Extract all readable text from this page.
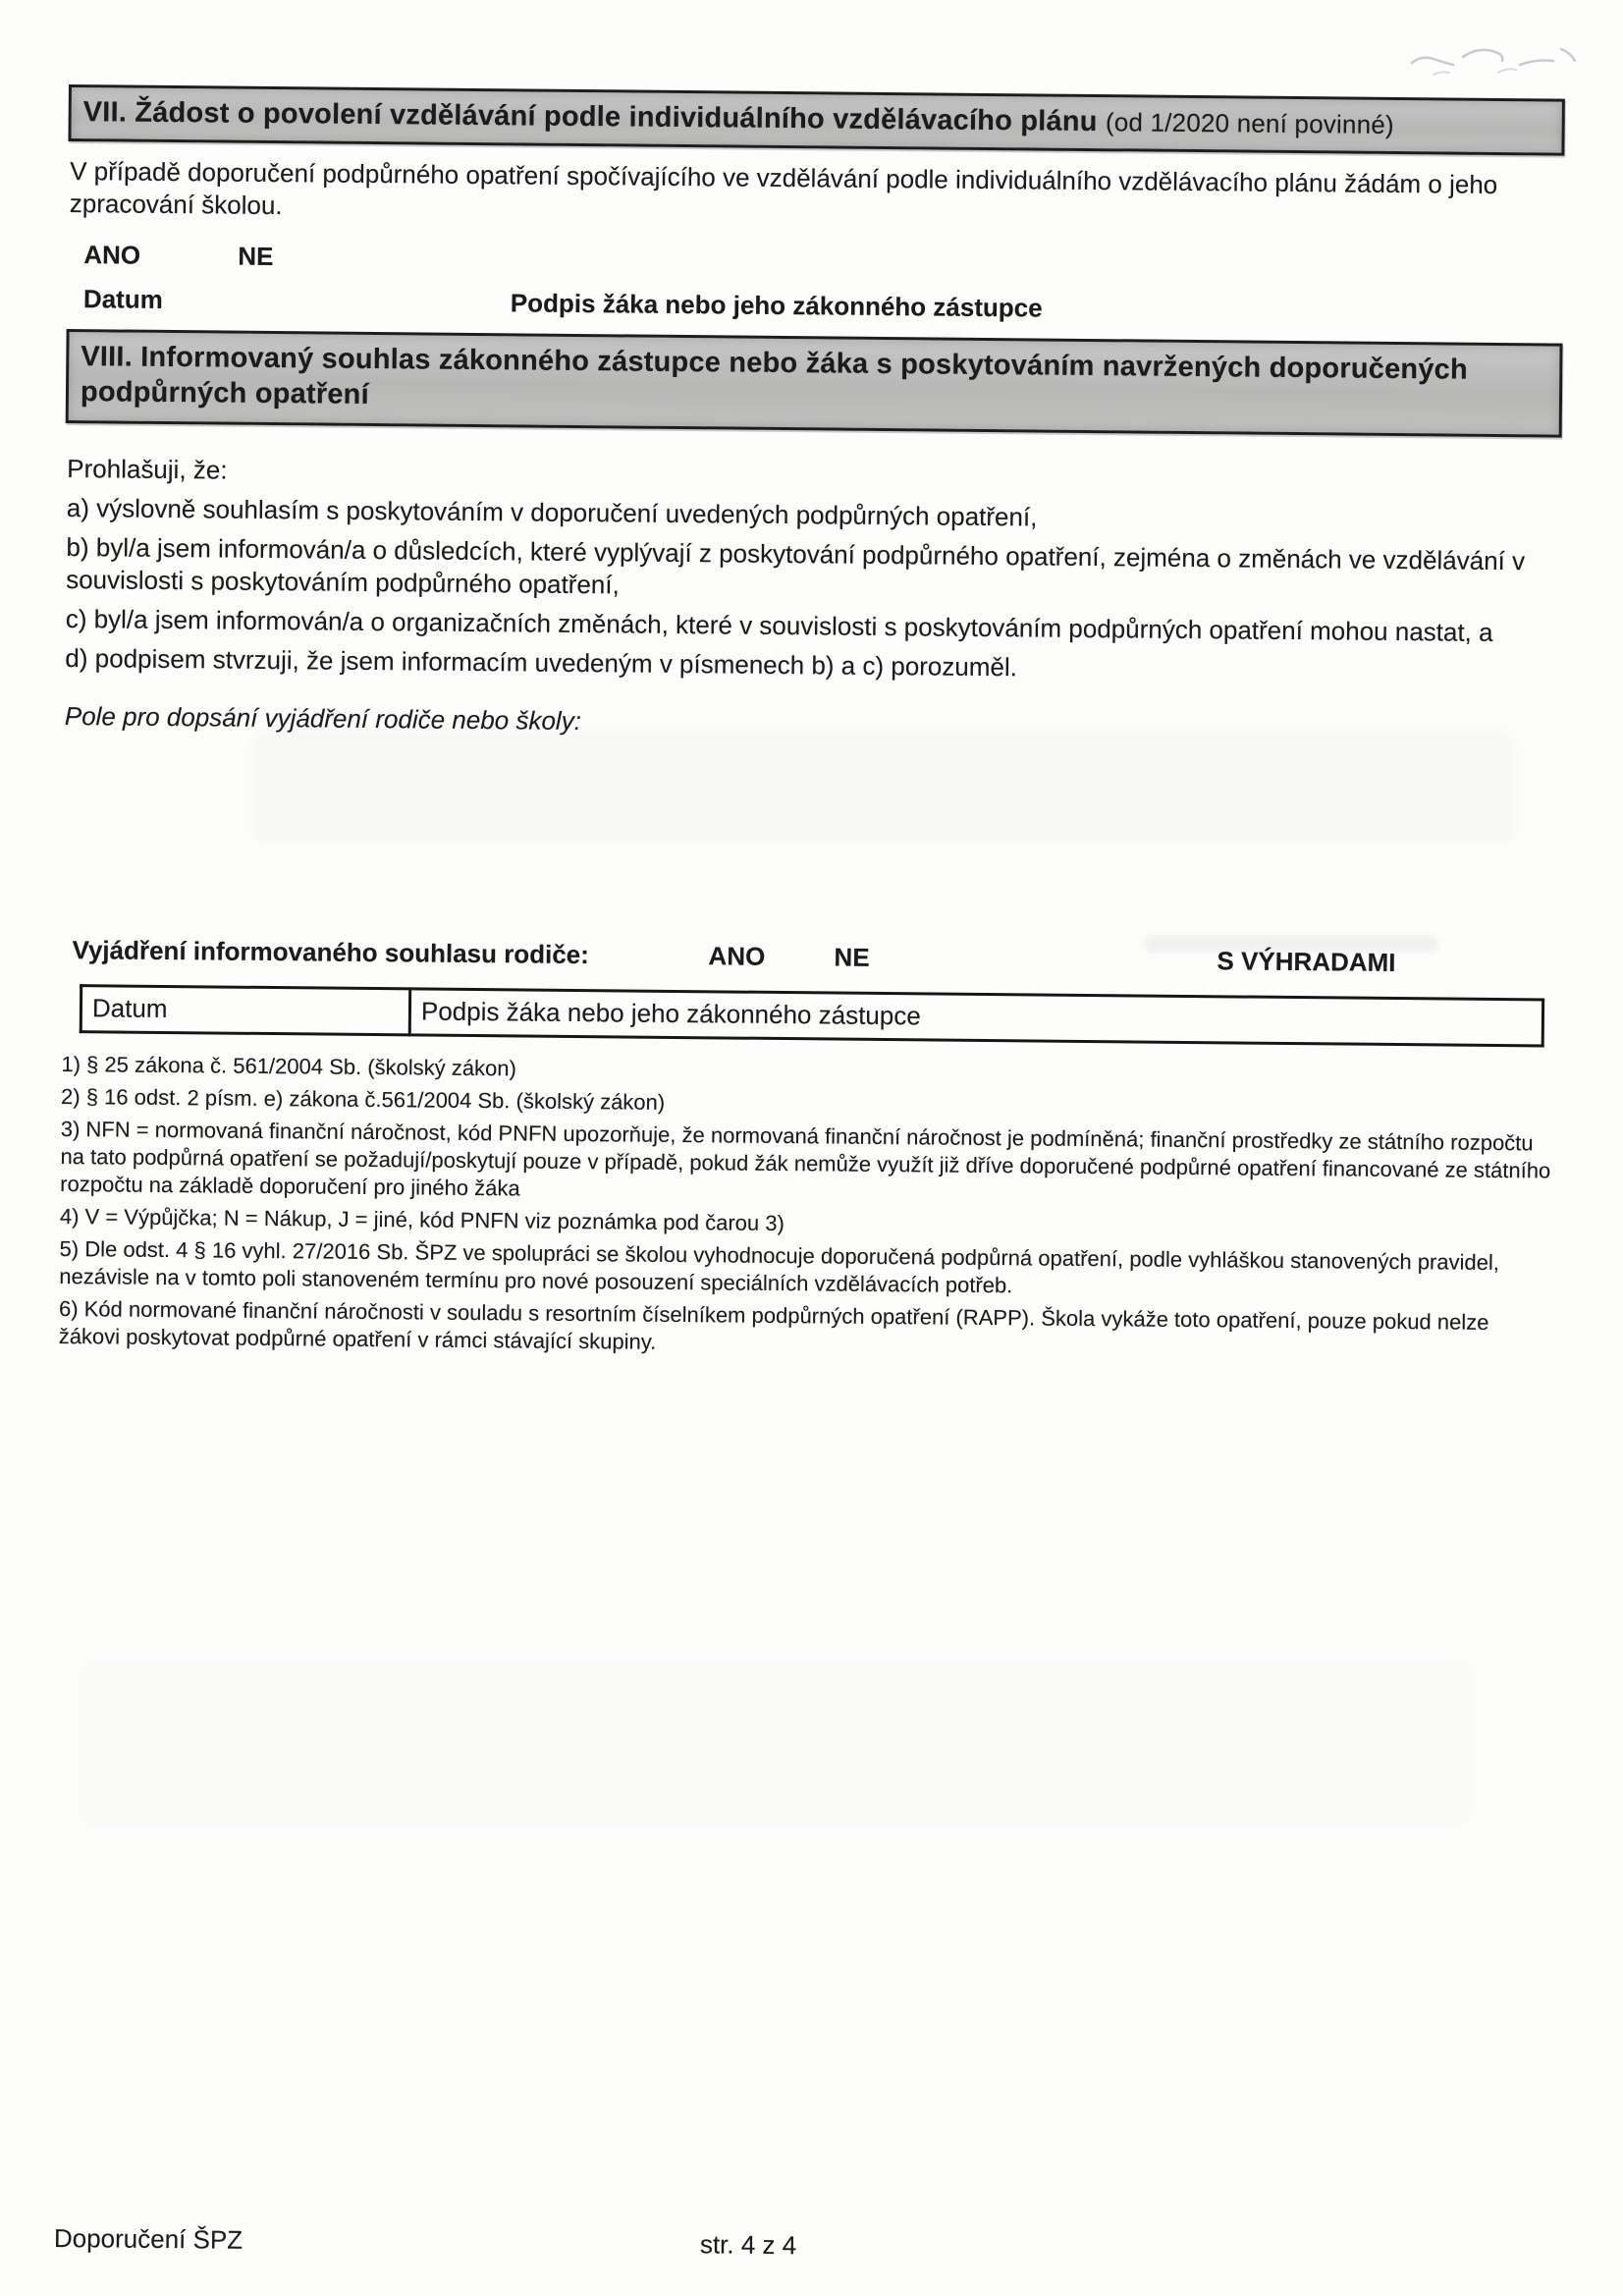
VII. Žádost o povolení vzdělávání podle individuálního vzdělávacího plánu (od 1/2020 není povinné)

V případě doporučení podpůrného opatření spočívajícího ve vzdělávání podle individuálního vzdělávacího plánu žádám o jeho zpracování školou.

ANO	NE
Datum	Podpis žáka nebo jeho zákonného zástupce
VIII. Informovaný souhlas zákonného zástupce nebo žáka s poskytováním navržených doporučených
podpůrných opatření

Prohlašuji, že:

a) výslovně souhlasím s poskytováním v doporučení uvedených podpůrných opatření,

b) byl/a jsem informován/a o důsledcích, které vyplývají z poskytování podpůrného opatření, zejména o změnách ve vzdělávání v souvislosti s poskytováním podpůrného opatření,

c) byl/a jsem informován/a o organizačních změnách, které v souvislosti s poskytováním podpůrných opatření mohou nastat, a

d) podpisem stvrzuji, že jsem informacím uvedeným v písmenech b) a c) porozuměl.

Pole pro dopsání vyjádření rodiče nebo školy:

Vyjádření informovaného souhlasu rodiče:	ANO	NE	S VÝHRADAMI
Datum	Podpis žáka nebo jeho zákonného zástupce

1) § 25 zákona č. 561/2004 Sb. (školský zákon)

2) § 16 odst. 2 písm. e) zákona č.561/2004 Sb. (školský zákon)

3) NFN = normovaná finanční náročnost, kód PNFN upozorňuje, že normovaná finanční náročnost je podmíněná; finanční prostředky ze státního rozpočtu na tato podpůrná opatření se požadují/poskytují pouze v případě, pokud žák nemůže využít již dříve doporučené podpůrné opatření financované ze státního rozpočtu na základě doporučení pro jiného žáka

4) V = Výpůjčka; N = Nákup, J = jiné, kód PNFN viz poznámka pod čarou 3)

5) Dle odst. 4 § 16 vyhl. 27/2016 Sb. ŠPZ ve spolupráci se školou vyhodnocuje doporučená podpůrná opatření, podle vyhláškou stanovených pravidel, nezávisle na v tomto poli stanoveném termínu pro nové posouzení speciálních vzdělávacích potřeb.

6) Kód normované finanční náročnosti v souladu s resortním číselníkem podpůrných opatření (RAPP). Škola vykáže toto opatření, pouze pokud nelze žákovi poskytovat podpůrné opatření v rámci stávající skupiny.

Doporučení ŠPZ	str. 4 z 4
